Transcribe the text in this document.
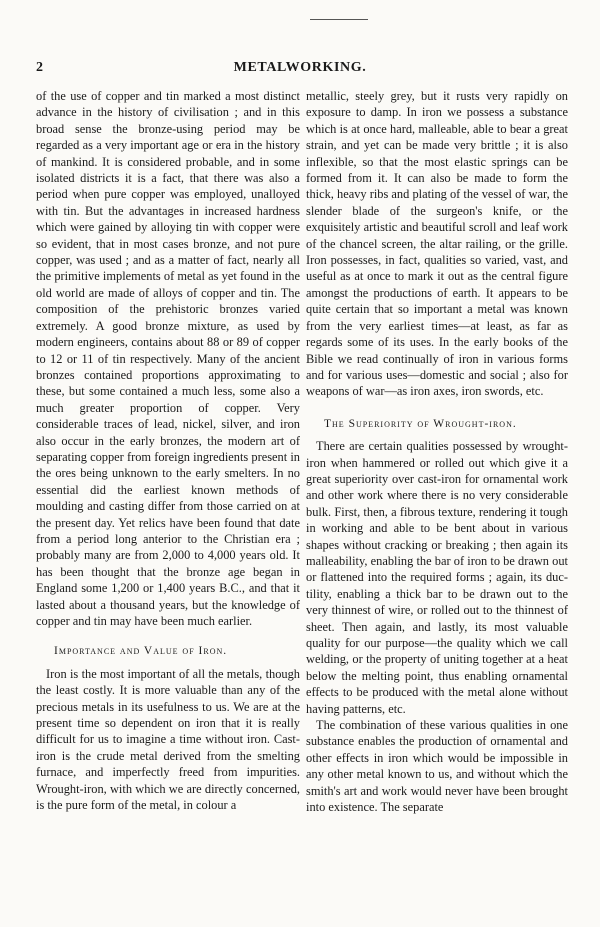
2	METALWORKING.

of the use of copper and tin marked a most distinct advance in the history of civilisation ; and in this broad sense the bronze-using period may be regarded as a very important age or era in the history of mankind. It is considered probable, and in some isolated districts it is a fact, that there was also a period when pure copper was employed, unalloyed with tin. But the advantages in increased hardness which were gained by alloying tin with copper were so evident, that in most cases bronze, and not pure copper, was used ; and as a matter of fact, nearly all the primitive implements of metal as yet found in the old world are made of alloys of copper and tin. The composition of the prehistoric bronzes varied extremely. A good bronze mixture, as used by modern engineers, contains about 88 or 89 of copper to 12 or 11 of tin respectively. Many of the ancient bronzes contained proportions approximating to these, but some contained a much less, some also a much greater proportion of copper. Very considerable traces of lead, nickel, silver, and iron also occur in the early bronzes, the modern art of separating copper from foreign ingredients present in the ores being unknown to the early smelters. In no essential did the earliest known methods of moulding and casting differ from those carried on at the present day. Yet relics have been found that date from a period long anterior to the Christian era ; probably many are from 2,000 to 4,000 years old. It has been thought that the bronze age began in England some 1,200 or 1,400 years B.C., and that it lasted about a thousand years, but the knowledge of copper and tin may have been much earlier.

Importance and Value of Iron.

Iron is the most important of all the metals, though the least costly. It is more valuable than any of the precious metals in its usefulness to us. We are at the present time so dependent on iron that it is really difficult for us to imagine a time without iron. Cast-iron is the crude metal derived from the smelting furnace, and imperfectly freed from impurities. Wrought-iron, with which we are directly concerned, is the pure form of the metal, in colour a

metallic, steely grey, but it rusts very rapidly on exposure to damp. In iron we possess a substance which is at once hard, malleable, able to bear a great strain, and yet can be made very brittle ; it is also inflexible, so that the most elastic springs can be formed from it. It can also be made to form the thick, heavy ribs and plating of the vessel of war, the slender blade of the surgeon's knife, or the exquisitely artistic and beautiful scroll and leaf work of the chancel screen, the altar railing, or the grille. Iron possesses, in fact, qualities so varied, vast, and useful as at once to mark it out as the central figure amongst the productions of earth. It appears to be quite certain that so important a metal was known from the very earliest times—at least, as far as regards some of its uses. In the early books of the Bible we read continually of iron in various forms and for various uses—domestic and social ; also for weapons of war—as iron axes, iron swords, etc.

The Superiority of Wrought-iron.

There are certain qualities possessed by wrought-iron when hammered or rolled out which give it a great superiority over cast-iron for ornamental work and other work where there is no very considerable bulk. First, then, a fibrous texture, rendering it tough in working and able to be bent about in various shapes without cracking or breaking ; then again its malleability, enabling the bar of iron to be drawn out or flattened into the required forms ; again, its ductility, enabling a thick bar to be drawn out to the very thinnest of wire, or rolled out to the thinnest of sheet. Then again, and lastly, its most valuable quality for our purpose—the quality which we call welding, or the property of uniting together at a heat below the melting point, thus enabling ornamental effects to be produced with the metal alone without having patterns, etc.

The combination of these various qualities in one substance enables the production of ornamental and other effects in iron which would be impossible in any other metal known to us, and without which the smith's art and work would never have been brought into existence. The separate
